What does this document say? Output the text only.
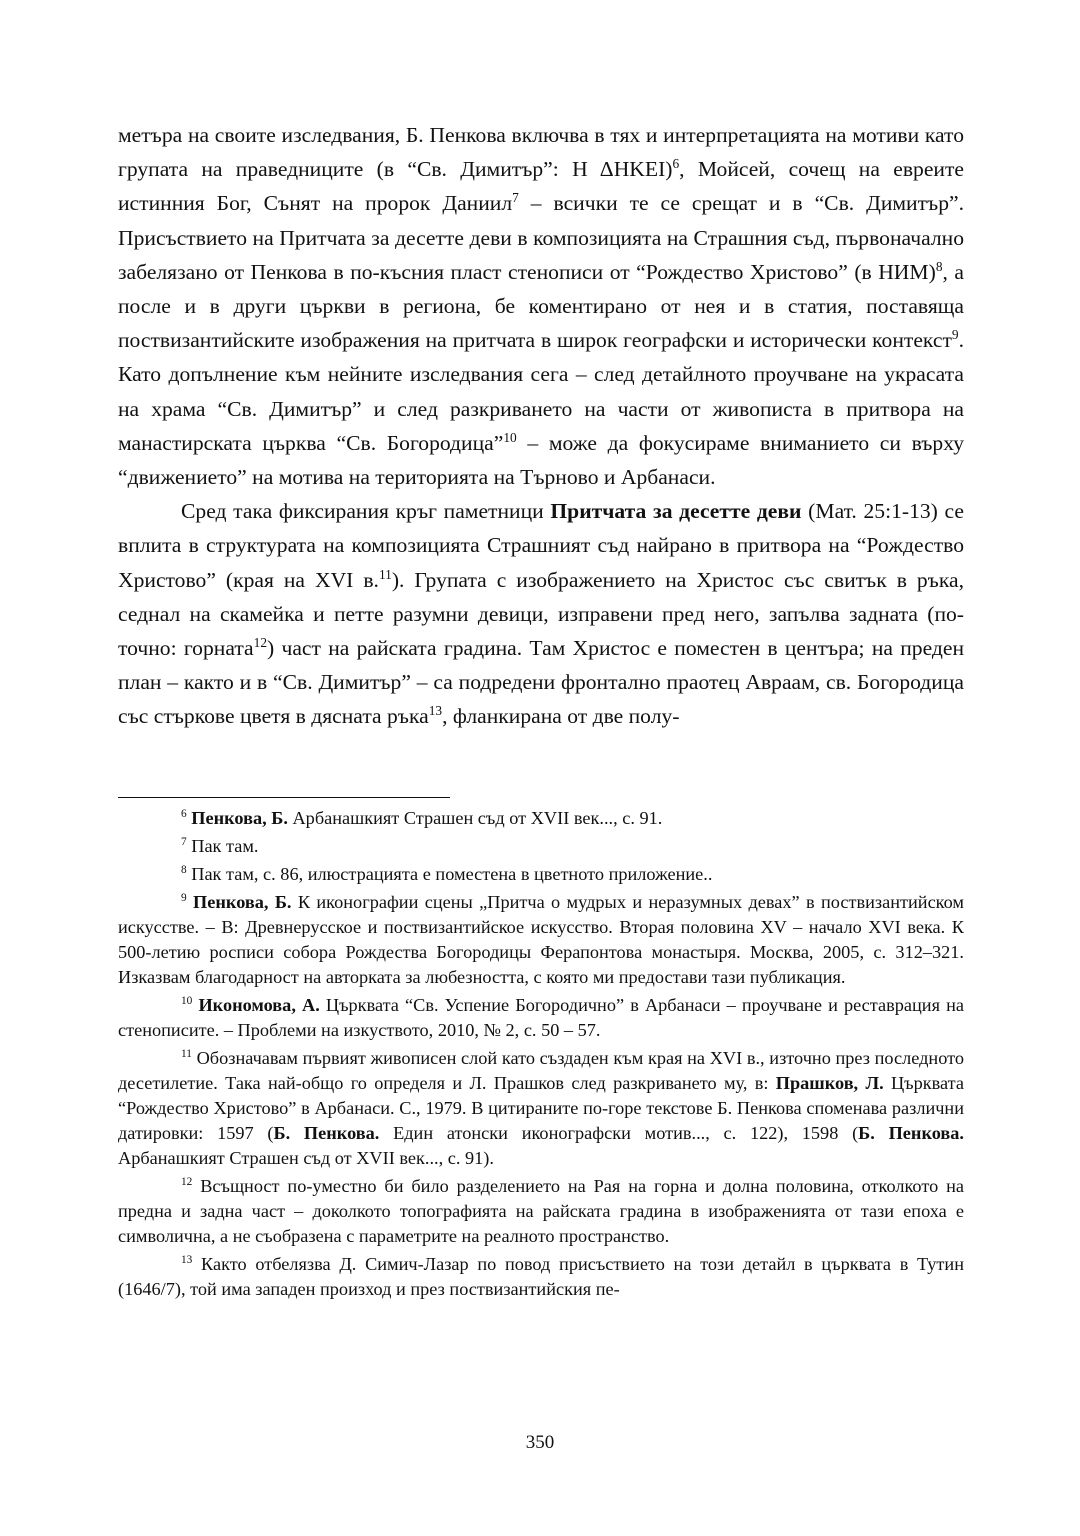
метъра на своите изследвания, Б. Пенкова включва в тях и интерпретацията на мотиви като групата на праведниците (в “Св. Димитър”: Η ΔΗΚΕΙ)$^6$, Мойсей, сочещ на евреите истинния Бог, Сънят на пророк Даниил$^7$ – всички те се срещат и в “Св. Димитър”. Присъствието на Притчата за десетте деви в композицията на Страшния съд, първоначално забелязано от Пенкова в по-късния пласт стенописи от “Рождество Христово” (в НИМ)$^8$, а после и в други църкви в региона, бе коментирано от нея и в статия, поставяща поствизантийските изображения на притчата в широк географски и исторически контекст$^9$. Като допълнение към нейните изследвания сега – след детайлното проучване на украсата на храма “Св. Димитър” и след разкриването на части от живописта в притвора на манастирската църква “Св. Богородица”$^{10}$ – може да фокусираме вниманието си върху “движението” на мотива на територията на Търново и Арбанаси.

Сред така фиксирания кръг паметници Притчата за десетте деви (Мат. 25:1-13) се вплита в структурата на композицията Страшният съд найрано в притвора на “Рождество Христово” (края на XVI в.$^{11}$). Групата с изображението на Христос със свитък в ръка, седнал на скамейка и петте разумни девици, изправени пред него, запълва задната (по-точно: горната$^{12}$) част на райската градина. Там Христос е поместен в центъра; на преден план – както и в “Св. Димитър” – са подредени фронтално праотец Авраам, св. Богородица със стъркове цветя в дясната ръка$^{13}$, фланкирана от две полу-

$^6$ Пенкова, Б. Арбанашкият Страшен съд от XVII век..., с. 91.

$^7$ Пак там.

$^8$ Пак там, с. 86, илюстрацията е поместена в цветното приложение..

$^9$ Пенкова, Б. К иконографии сцены „Притча о мудрых и неразумных девах” в поствизантийском искусстве. – В: Древнерусское и поствизантийское искусство. Вторая половина XV – начало XVI века. К 500-летию росписи собора Рождества Богородицы Ферапонтова монастыря. Москва, 2005, с. 312–321. Изказвам благодарност на авторката за любезността, с която ми предостави тази публикация.

$^{10}$ Икономова, А. Църквата “Св. Успение Богородично” в Арбанаси – проучване и реставрация на стенописите. – Проблеми на изкуството, 2010, № 2, с. 50 – 57.

$^{11}$ Обозначавам първият живописен слой като създаден към края на XVI в., източно през последното десетилетие. Така най-общо го определя и Л. Прашков след разкриването му, в: Прашков, Л. Църквата “Рождество Христово” в Арбанаси. С., 1979. В цитираните по-горе текстове Б. Пенкова споменава различни датировки: 1597 (Б. Пенкова. Един атонски иконографски мотив..., с. 122), 1598 (Б. Пенкова. Арбанашкият Страшен съд от XVII век..., с. 91).

$^{12}$ Всъщност по-уместно би било разделението на Рая на горна и долна половина, отколкото на предна и задна част – доколкото топографията на райската градина в изображенията от тази епоха е символична, а не съобразена с параметрите на реалното пространство.

$^{13}$ Както отбелязва Д. Симич-Лазар по повод присъствието на този детайл в църквата в Тутин (1646/7), той има западен произход и през поствизантийския пе-

350
